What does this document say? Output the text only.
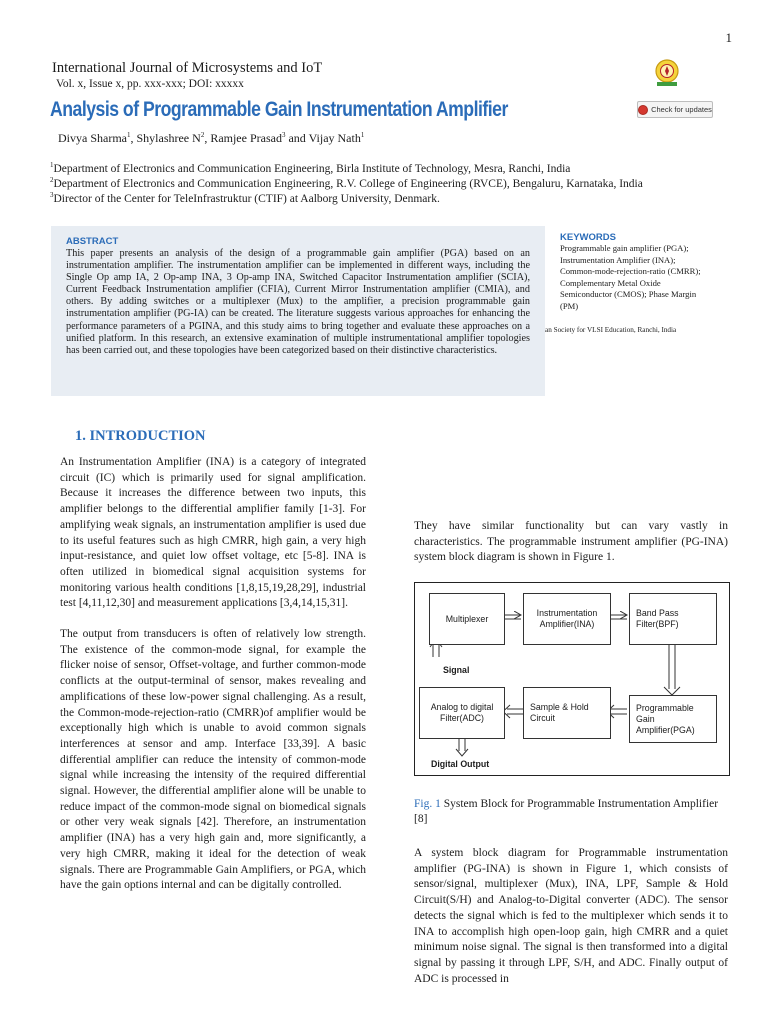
1
International Journal of Microsystems and IoT
Vol. x, Issue x, pp. xxx-xxx; DOI: xxxxx
Analysis of Programmable Gain Instrumentation Amplifier	Check for updates
Divya Sharma$^1$, Shylashree $N^2$, Ramjee Prasad$^3$ and Vijay Nath$^1$
$^1$Department of Electronics and Communication Engineering, Birla Institute of Technology, Mesra, Ranchi, India
$^2$Department of Electronics and Communication Engineering, R.V. College of Engineering (RVCE), Bengaluru, Karnataka, India
$^3$Director of the Center for TeleInfrastruktur (CTIF) at Aalborg University, Denmark.
ABSTRACT
This paper presents an analysis of the design of a programmable gain amplifier (PGA) based on an instrumentation amplifier. The instrumentation amplifier can be implemented in different ways, including the Single Op amp IA, 2 Op-amp INA, 3 Op-amp INA, Switched Capacitor Instrumentation amplifier (SCIA), Current Feedback Instrumentation amplifier (CFIA), Current Mirror Instrumentation amplifier (CMIA), and others. By adding switches or a multiplexer (Mux) to the amplifier, a precision programmable gain instrumentation amplifier (PG-IA) can be created. The literature suggests various approaches for enhancing the performance parameters of a PGINA, and this study aims to bring together and evaluate these approaches on a unified platform. In this research, an extensive examination of multiple instrumentational amplifier topologies has been carried out, and these topologies have been categorized based on their distinctive characteristics.
KEYWORDS
Programmable gain amplifier (PGA); Instrumentation Amplifier (INA); Common-mode-rejection-ratio (CMRR); Complementary Metal Oxide Semiconductor (CMOS); Phase Margin (PM)
an Society for VLSI Education, Ranchi, India
1. INTRODUCTION

An Instrumentation Amplifier (INA) is a category of integrated circuit (IC) which is primarily used for signal amplification. Because it increases the difference between two inputs, this amplifier belongs to the differential amplifier family [1-3]. For amplifying weak signals, an instrumentation amplifier is used due to its useful features such as high CMRR, high gain, a very high input-resistance, and quiet low offset voltage, etc [5-8]. INA is often utilized in biomedical signal acquisition systems for monitoring various health conditions [1,8,15,19,28,29], industrial test [4,11,12,30] and measurement applications [3,4,14,15,31].

The output from transducers is often of relatively low strength. The existence of the common-mode signal, for example the flicker noise of sensor, Offset-voltage, and further common-mode conflicts at the output-terminal of sensor, makes revealing and amplifications of these low-power signal challenging. As a result, the Common-mode-rejection-ratio (CMRR)of amplifier would be exceptionally high which is unable to avoid common signals interferences at sensor and amp. Interface [33,39]. A basic differential amplifier can reduce the intensity of common-mode signal while increasing the intensity of the required differential signal. However, the differential amplifier alone will be unable to reduce impact of the common-mode signal on biomedical signals or other very weak signals [42]. Therefore, an instrumentation amplifier (INA) has a very high gain and, more significantly, a very high CMRR, making it ideal for the detection of weak signals. There are Programmable Gain Amplifiers, or PGA, which have the gain options internal and can be digitally controlled.

They have similar functionality but can vary vastly in characteristics. The programmable instrument amplifier (PG-INA) system block diagram is shown in Figure 1.

Multiplexer
Instrumentation
Amplifier(INA)
Band Pass
Filter(BPF)
Signal
Analog to digital
Filter(ADC)
Sample & Hold
Circuit
Programmable
Gain
Amplifier(PGA)
Digital Output
Fig. 1 System Block for Programmable Instrumentation Amplifier [8]

A system block diagram for Programmable instrumentation amplifier (PG-INA) is shown in Figure 1, which consists of sensor/signal, multiplexer (Mux), INA, LPF, Sample & Hold Circuit(S/H) and Analog-to-Digital converter (ADC). The sensor detects the signal which is fed to the multiplexer which sends it to INA to accomplish high open-loop gain, high CMRR and a quiet minimum noise signal. The signal is then transformed into a digital signal by passing it through LPF, S/H, and ADC. Finally output of ADC is processed in
